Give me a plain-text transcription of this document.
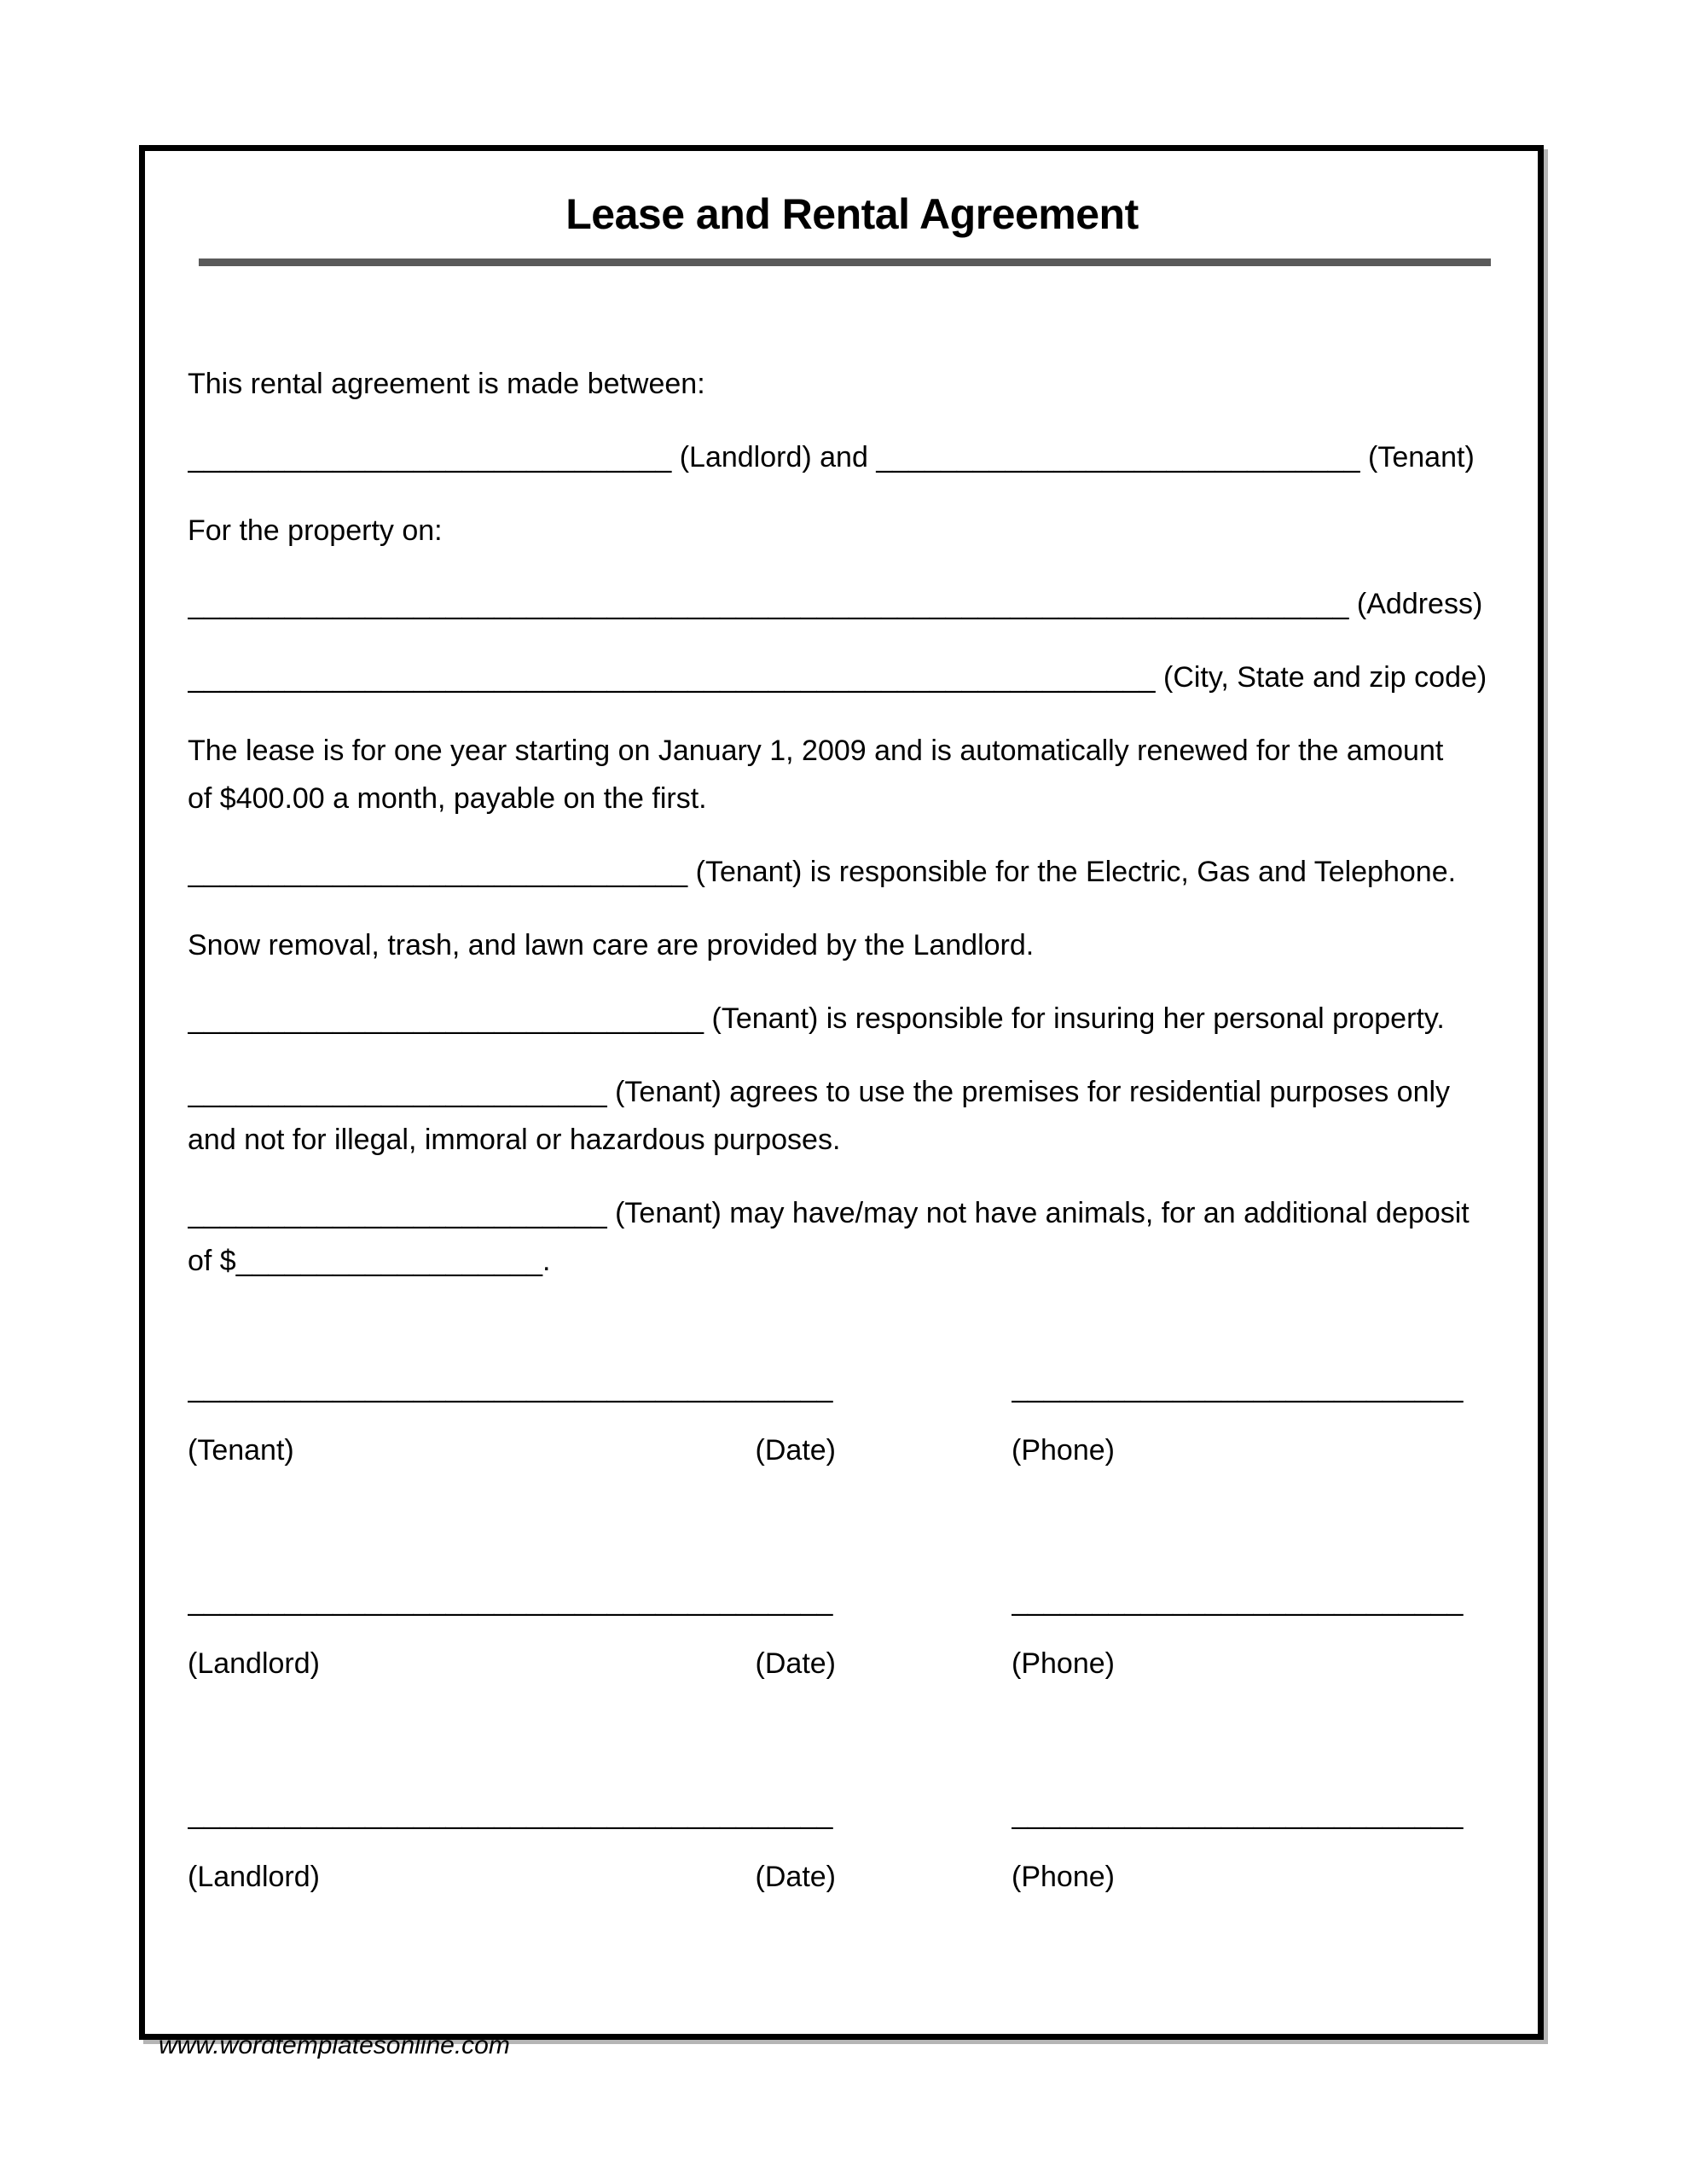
Lease and Rental Agreement

This rental agreement is made between:

______________________________ (Landlord) and ______________________________ (Tenant)

For the property on:

________________________________________________________________________ (Address)

____________________________________________________________ (City, State and zip code)

The lease is for one year starting on January 1, 2009 and is automatically renewed for the amount
of $400.00 a month, payable on the first.

_______________________________ (Tenant) is responsible for the Electric, Gas and Telephone.

Snow removal, trash, and lawn care are provided by the Landlord.

________________________________ (Tenant) is responsible for insuring her personal property.

__________________________ (Tenant) agrees to use the premises for residential purposes only
and not for illegal, immoral or hazardous purposes.

__________________________ (Tenant) may have/may not have animals, for an additional deposit
of $___________________.

________________________________________	____________________________
(Tenant)	(Date)	(Phone)
________________________________________	____________________________
(Landlord)	(Date)	(Phone)
________________________________________	____________________________
(Landlord)	(Date)	(Phone)
www.wordtemplatesonline.com
